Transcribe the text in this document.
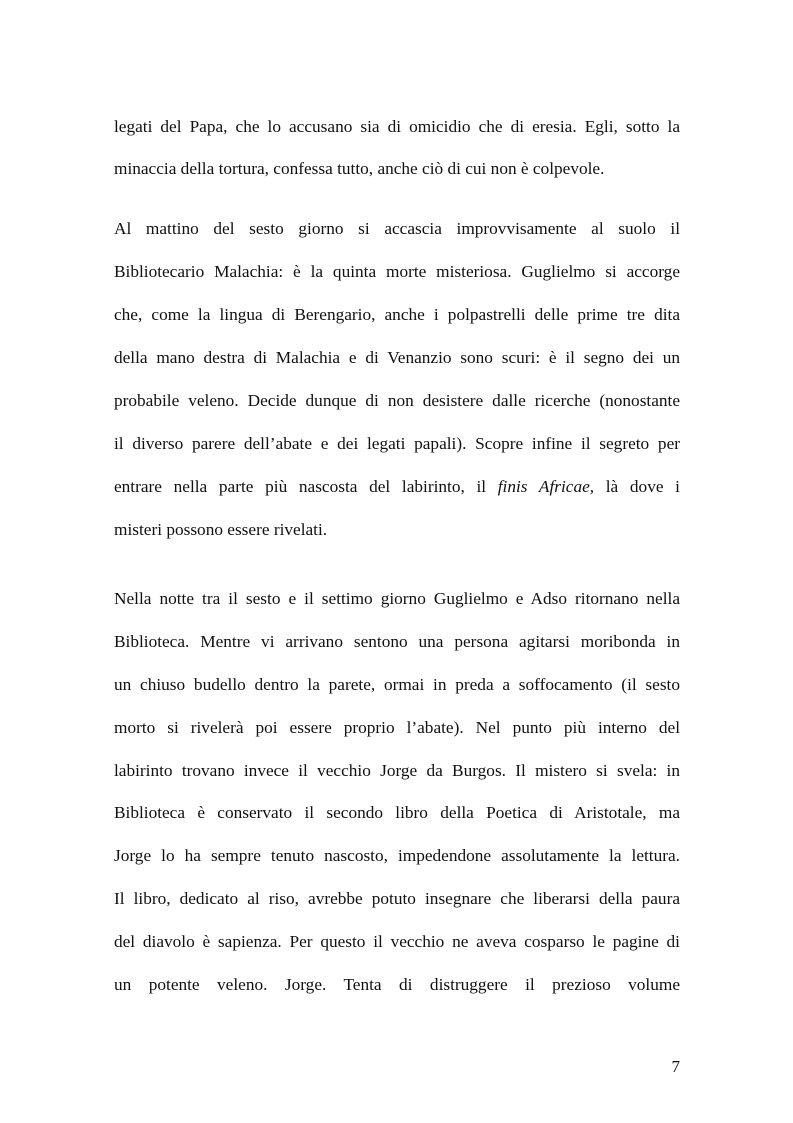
legati del Papa, che lo accusano sia di omicidio che di eresia. Egli, sotto la
minaccia della tortura, confessa tutto, anche ciò di cui non è colpevole.
Al mattino del sesto giorno si accascia improvvisamente al suolo il
Bibliotecario Malachia: è la quinta morte misteriosa. Guglielmo si accorge
che, come la lingua di Berengario, anche i polpastrelli delle prime tre dita
della mano destra di Malachia e di Venanzio sono scuri: è il segno dei un
probabile veleno. Decide dunque di non desistere dalle ricerche (nonostante
il diverso parere dell’abate e dei legati papali). Scopre infine il segreto per
entrare nella parte più nascosta del labirinto, il finis Africae, là dove i
misteri possono essere rivelati.
Nella notte tra il sesto e il settimo giorno Guglielmo e Adso ritornano nella
Biblioteca. Mentre vi arrivano sentono una persona agitarsi moribonda in
un chiuso budello dentro la parete, ormai in preda a soffocamento (il sesto
morto si rivelerà poi essere proprio l’abate). Nel punto più interno del
labirinto trovano invece il vecchio Jorge da Burgos. Il mistero si svela: in
Biblioteca è conservato il secondo libro della Poetica di Aristotale, ma
Jorge lo ha sempre tenuto nascosto, impedendone assolutamente la lettura.
Il libro, dedicato al riso, avrebbe potuto insegnare che liberarsi della paura
del diavolo è sapienza. Per questo il vecchio ne aveva cosparso le pagine di
un potente veleno. Jorge. Tenta di distruggere il prezioso volume
7
